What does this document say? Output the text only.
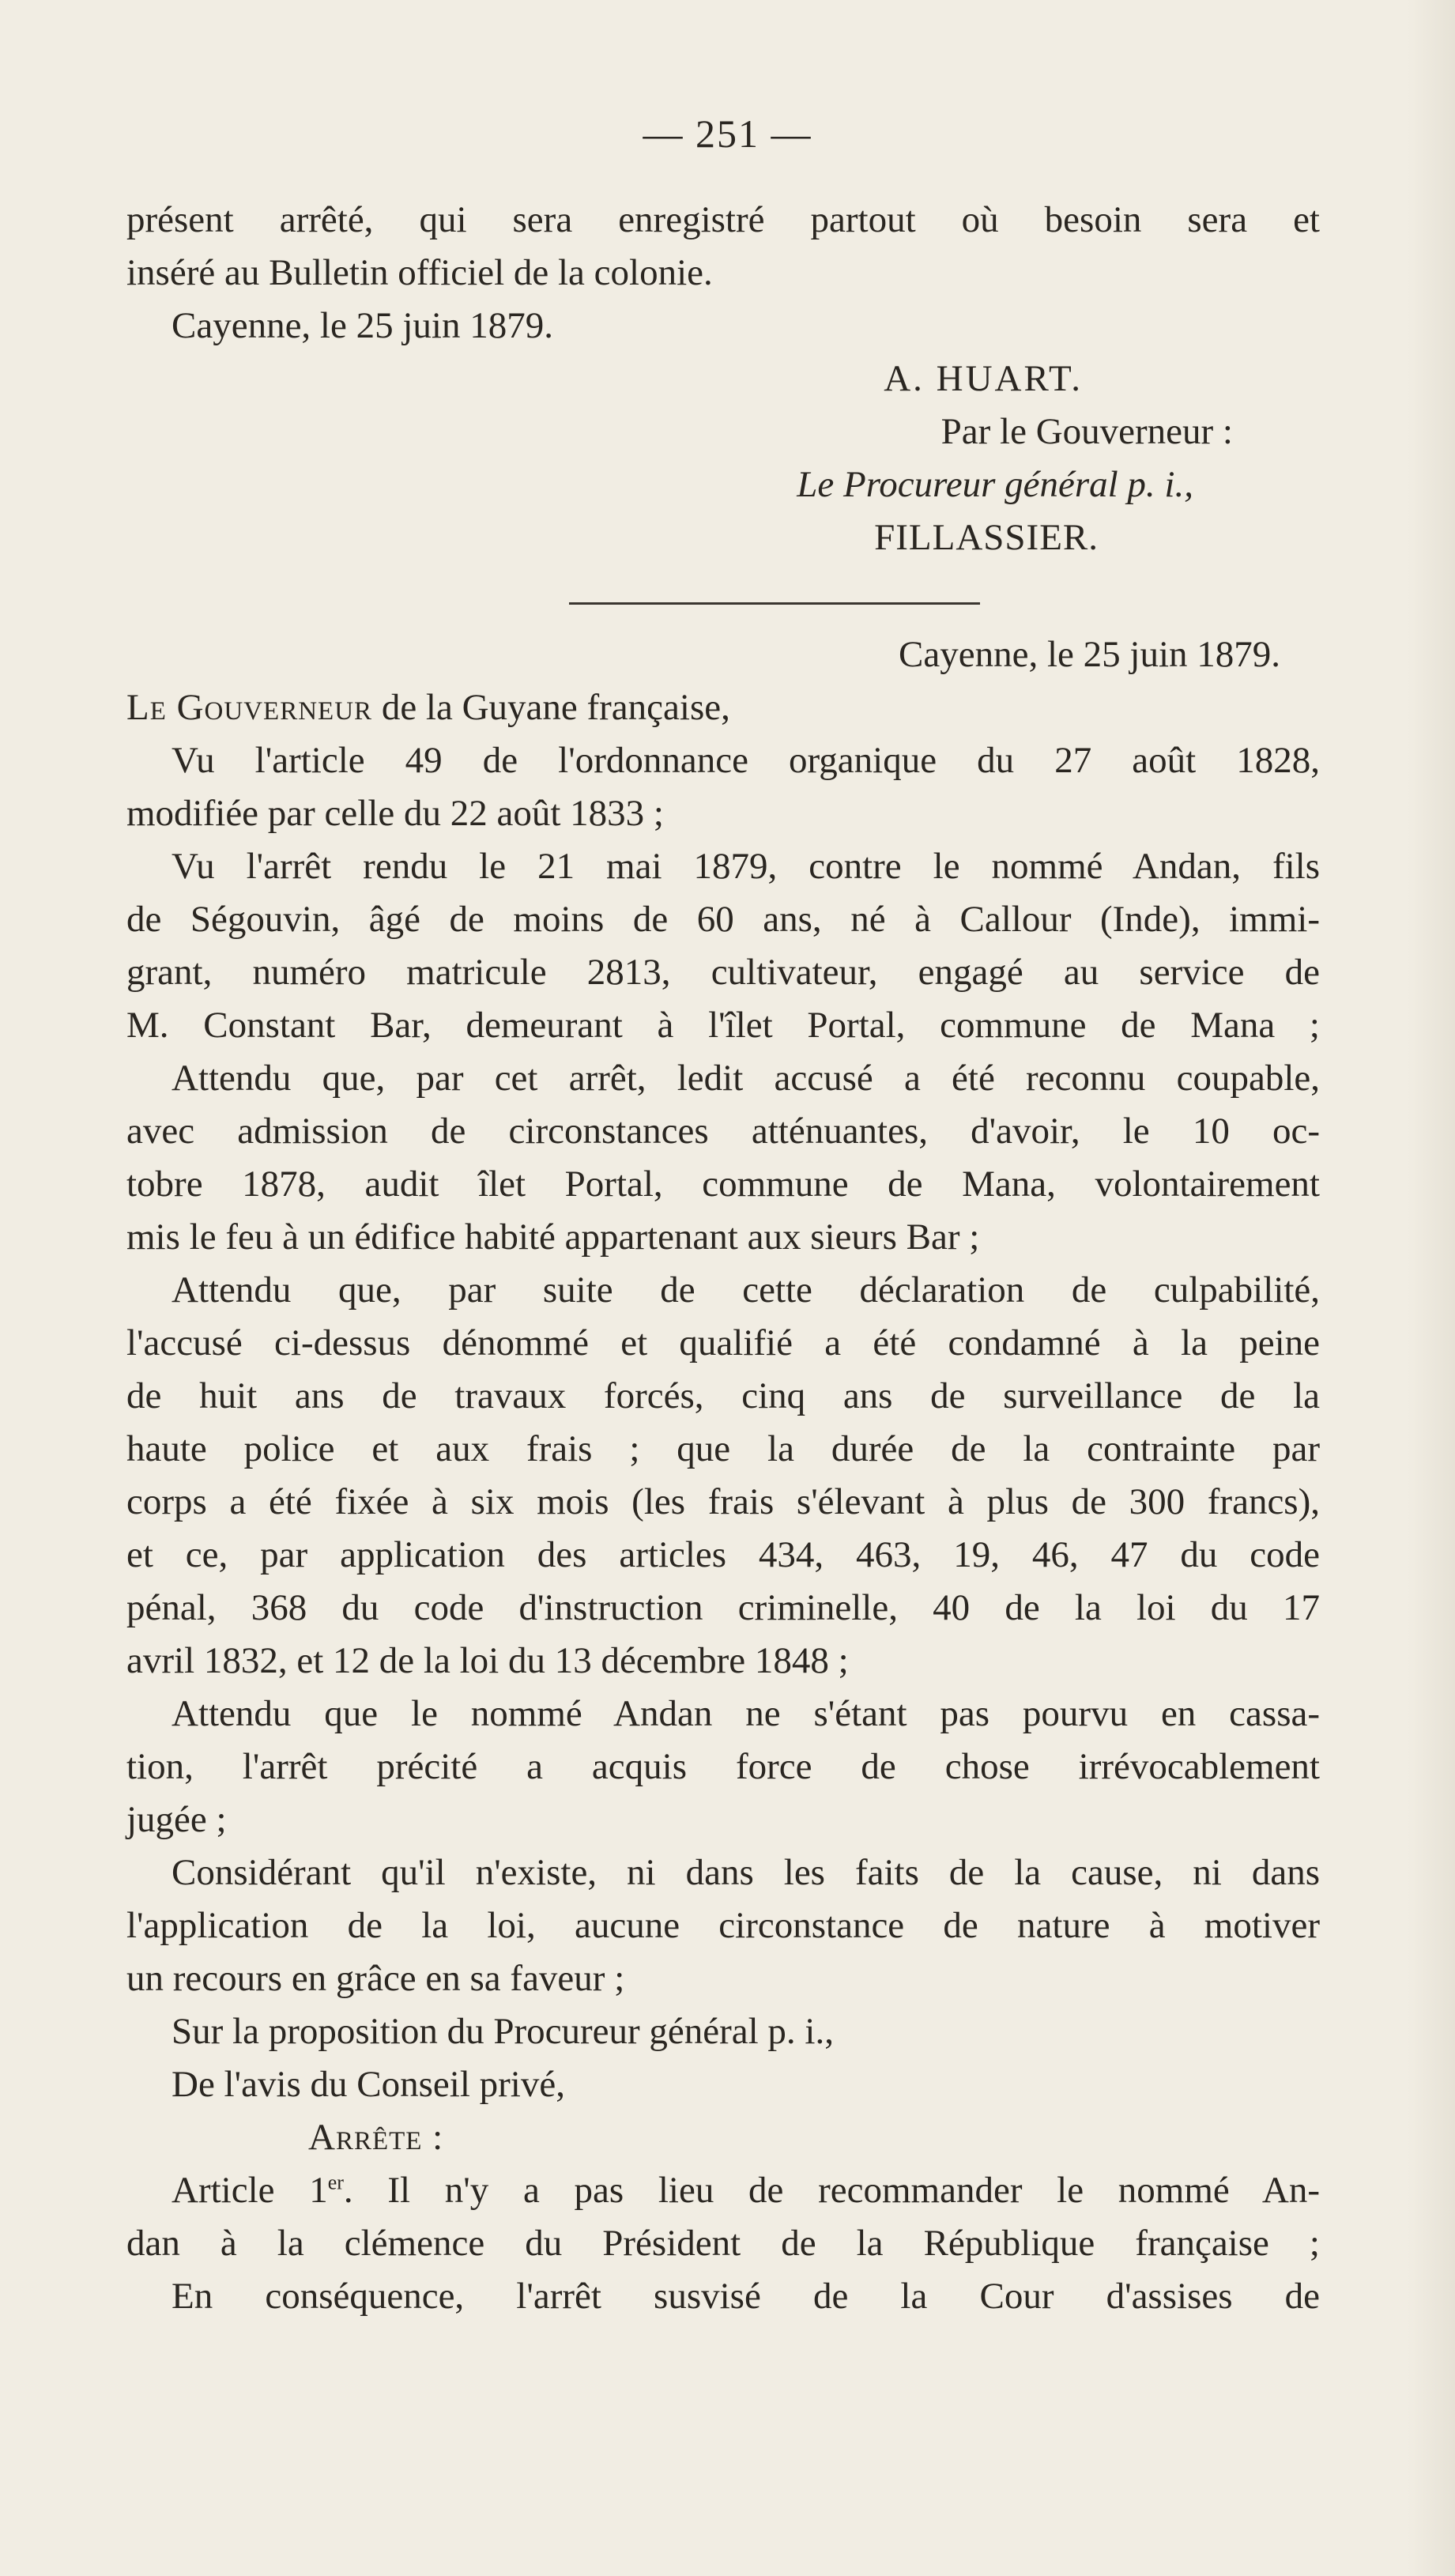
— 251 —
présent arrêté, qui sera enregistré partout où besoin sera et
inséré au Bulletin officiel de la colonie.
Cayenne, le 25 juin 1879.
A. HUART.
Par le Gouverneur :
Le Procureur général p. i.,
FILLASSIER.
Cayenne, le 25 juin 1879.
Le Gouverneur de la Guyane française,
Vu l'article 49 de l'ordonnance organique du 27 août 1828,
modifiée par celle du 22 août 1833 ;
Vu l'arrêt rendu le 21 mai 1879, contre le nommé Andan, fils
de Ségouvin, âgé de moins de 60 ans, né à Callour (Inde), immi-
grant, numéro matricule 2813, cultivateur, engagé au service de
M. Constant Bar, demeurant à l'îlet Portal, commune de Mana ;
Attendu que, par cet arrêt, ledit accusé a été reconnu coupable,
avec admission de circonstances atténuantes, d'avoir, le 10 oc-
tobre 1878, audit îlet Portal, commune de Mana, volontairement
mis le feu à un édifice habité appartenant aux sieurs Bar ;
Attendu que, par suite de cette déclaration de culpabilité,
l'accusé ci-dessus dénommé et qualifié a été condamné à la peine
de huit ans de travaux forcés, cinq ans de surveillance de la
haute police et aux frais ; que la durée de la contrainte par
corps a été fixée à six mois (les frais s'élevant à plus de 300 francs),
et ce, par application des articles 434, 463, 19, 46, 47 du code
pénal, 368 du code d'instruction criminelle, 40 de la loi du 17
avril 1832, et 12 de la loi du 13 décembre 1848 ;
Attendu que le nommé Andan ne s'étant pas pourvu en cassa-
tion, l'arrêt précité a acquis force de chose irrévocablement
jugée ;
Considérant qu'il n'existe, ni dans les faits de la cause, ni dans
l'application de la loi, aucune circonstance de nature à motiver
un recours en grâce en sa faveur ;
Sur la proposition du Procureur général p. i.,
De l'avis du Conseil privé,
Arrête :
Article 1er. Il n'y a pas lieu de recommander le nommé An-
dan à la clémence du Président de la République française ;
En conséquence, l'arrêt susvisé de la Cour d'assises de
